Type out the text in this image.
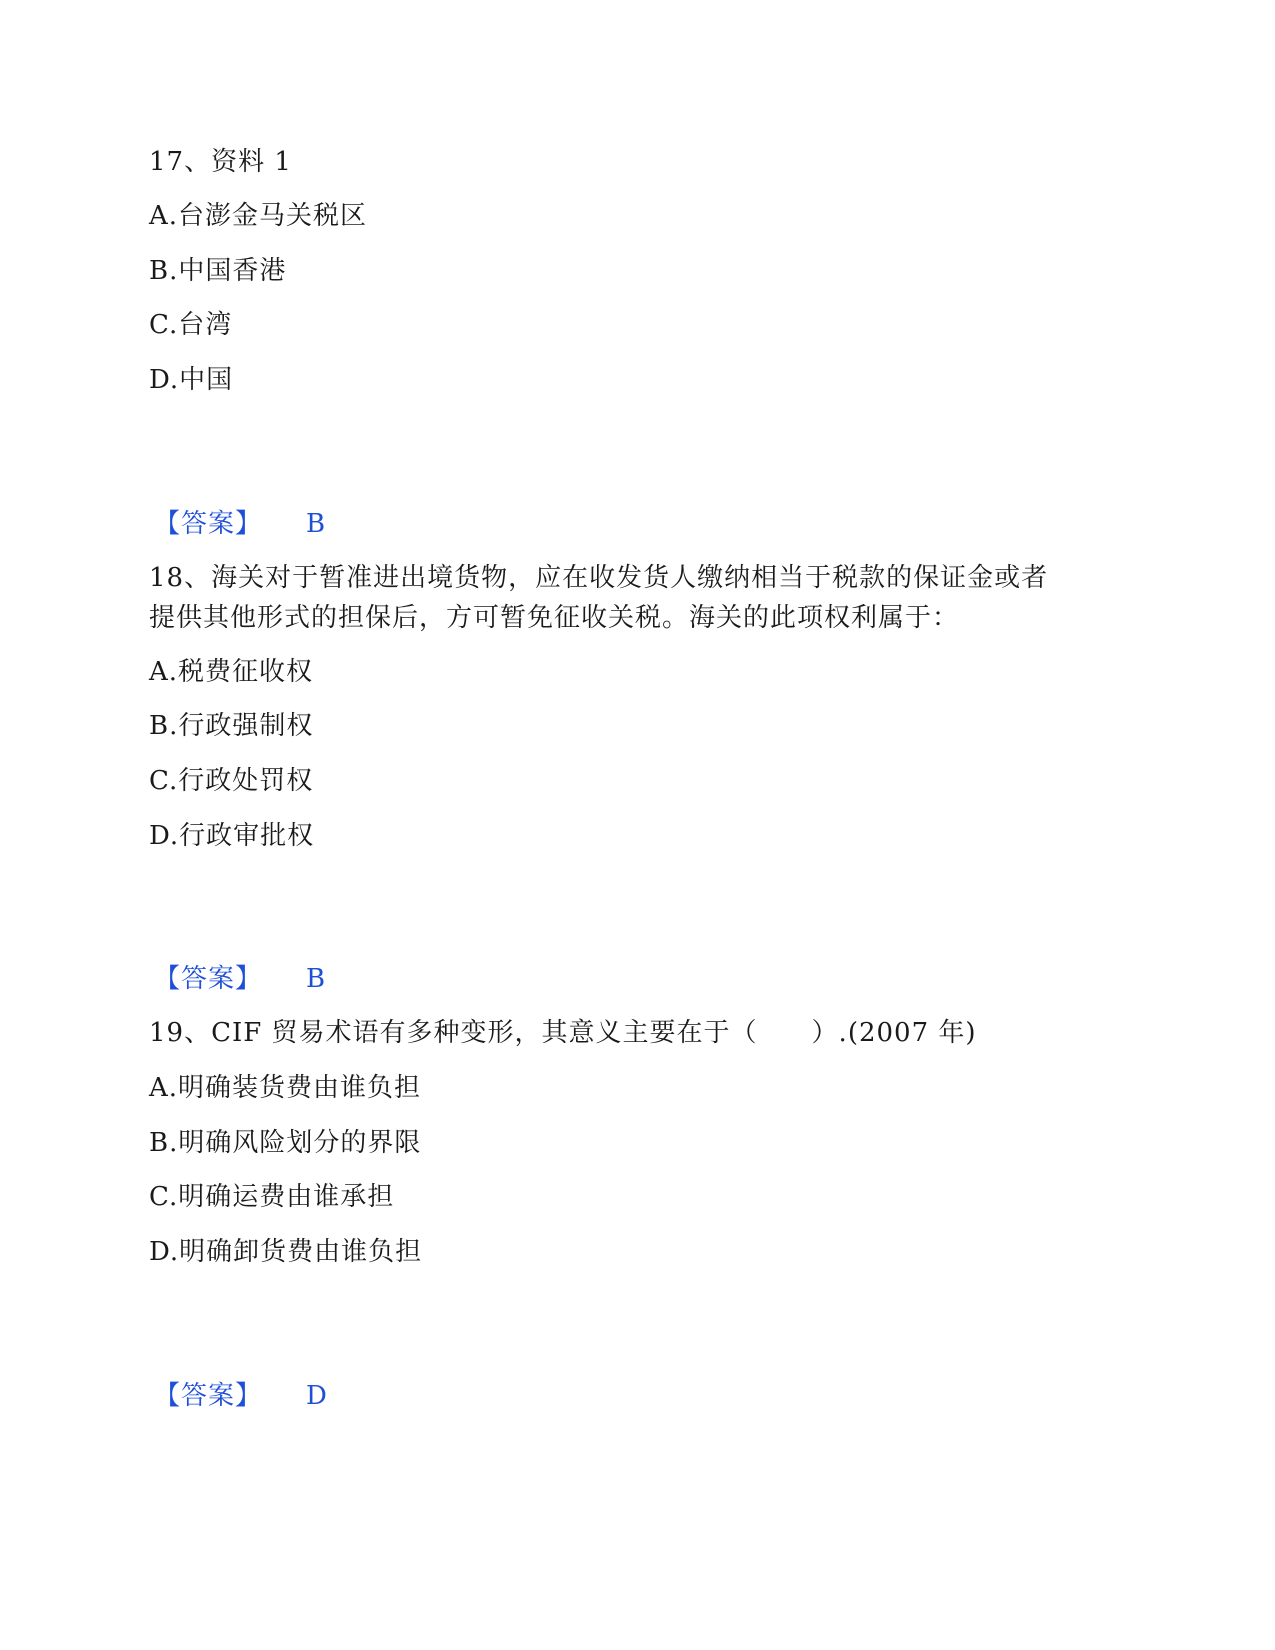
17、资料 1
A.台澎金马关税区
B.中国香港
C.台湾
D.中国
【答案】 B
18、海关对于暂准进出境货物，应在收发货人缴纳相当于税款的保证金或者
提供其他形式的担保后，方可暂免征收关税。海关的此项权利属于：
A.税费征收权
B.行政强制权
C.行政处罚权
D.行政审批权
【答案】 B
19、CIF 贸易术语有多种变形，其意义主要在于（　　）.(2007 年)
A.明确装货费由谁负担
B.明确风险划分的界限
C.明确运费由谁承担
D.明确卸货费由谁负担
【答案】 D
